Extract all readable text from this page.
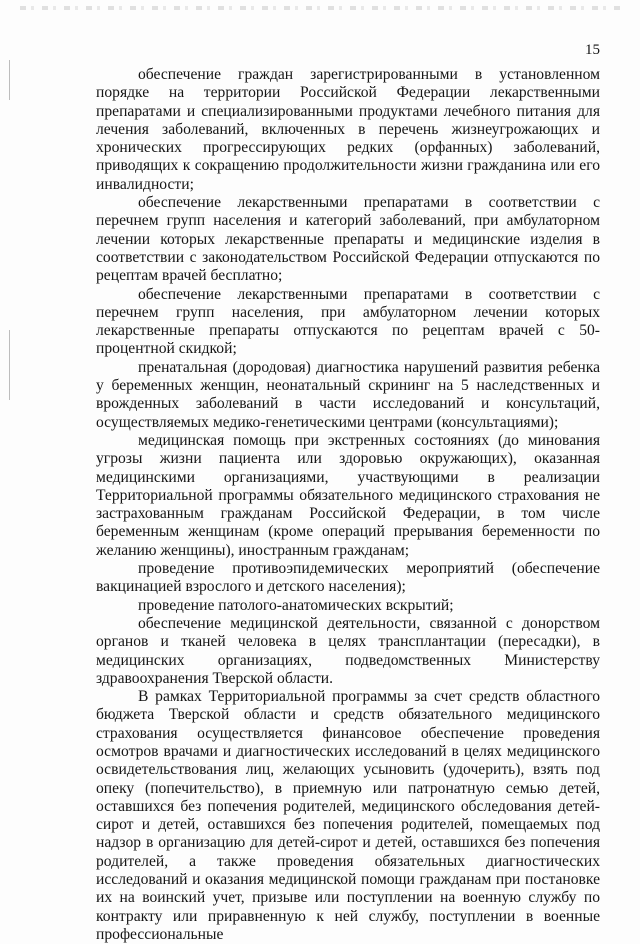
15

обеспечение граждан зарегистрированными в установленном порядке на территории Российской Федерации лекарственными препаратами и специализированными продуктами лечебного питания для лечения заболеваний, включенных в перечень жизнеугрожающих и хронических прогрессирующих редких (орфанных) заболеваний, приводящих к сокращению продолжительности жизни гражданина или его инвалидности;

обеспечение лекарственными препаратами в соответствии с перечнем групп населения и категорий заболеваний, при амбулаторном лечении которых лекарственные препараты и медицинские изделия в соответствии с законодательством Российской Федерации отпускаются по рецептам врачей бесплатно;

обеспечение лекарственными препаратами в соответствии с перечнем групп населения, при амбулаторном лечении которых лекарственные препараты отпускаются по рецептам врачей с 50-процентной скидкой;

пренатальная (дородовая) диагностика нарушений развития ребенка у беременных женщин, неонатальный скрининг на 5 наследственных и врожденных заболеваний в части исследований и консультаций, осуществляемых медико-генетическими центрами (консультациями);

медицинская помощь при экстренных состояниях (до минования угрозы жизни пациента или здоровью окружающих), оказанная медицинскими организациями, участвующими в реализации Территориальной программы обязательного медицинского страхования не застрахованным гражданам Российской Федерации, в том числе беременным женщинам (кроме операций прерывания беременности по желанию женщины), иностранным гражданам;

проведение противоэпидемических мероприятий (обеспечение вакцинацией взрослого и детского населения);

проведение патолого-анатомических вскрытий;

обеспечение медицинской деятельности, связанной с донорством органов и тканей человека в целях трансплантации (пересадки), в медицинских организациях, подведомственных Министерству здравоохранения Тверской области.

В рамках Территориальной программы за счет средств областного бюджета Тверской области и средств обязательного медицинского страхования осуществляется финансовое обеспечение проведения осмотров врачами и диагностических исследований в целях медицинского освидетельствования лиц, желающих усыновить (удочерить), взять под опеку (попечительство), в приемную или патронатную семью детей, оставшихся без попечения родителей, медицинского обследования детей-сирот и детей, оставшихся без попечения родителей, помещаемых под надзор в организацию для детей-сирот и детей, оставшихся без попечения родителей, а также проведения обязательных диагностических исследований и оказания медицинской помощи гражданам при постановке их на воинский учет, призыве или поступлении на военную службу по контракту или приравненную к ней службу, поступлении в военные профессиональные
